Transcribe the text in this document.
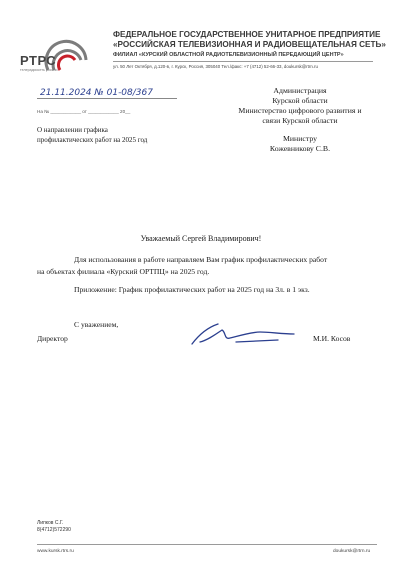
РТРС
телерадиосеть россии
ФЕДЕРАЛЬНОЕ ГОСУДАРСТВЕННОЕ УНИТАРНОЕ ПРЕДПРИЯТИЕ
«РОССИЙСКАЯ ТЕЛЕВИЗИОННАЯ И РАДИОВЕЩАТЕЛЬНАЯ СЕТЬ»
ФИЛИАЛ «КУРСКИЙ ОБЛАСТНОЙ РАДИОТЕЛЕВИЗИОННЫЙ ПЕРЕДАЮЩИЙ ЦЕНТР»
ул. 50 Лет Октября, д.120-в, г. Курск, Россия, 305040 Тел./факс: +7 (4712) 52-66-33, doukursk@rtrn.ru
21.11.2024 № 01-08/367
На № ____________ от ____________ 20__
О направлении графика
профилактических работ на 2025 год
Администрация
Курской области
Министерство цифрового развития и
связи Курской области
Министру
Кожевникову С.В.
Уважаемый Сергей Владимирович!
Для использования в работе направляем Вам график профилактических работ
на объектах филиала «Курский ОРТПЦ» на 2025 год.
Приложение: График профилактических работ на 2025 год на 3л. в 1 экз.
С уважением,
Директор	М.И. Косов
Липков С.Г.
8(4712)572290
www.kursk.rtrs.ru	doukursk@rtrn.ru
